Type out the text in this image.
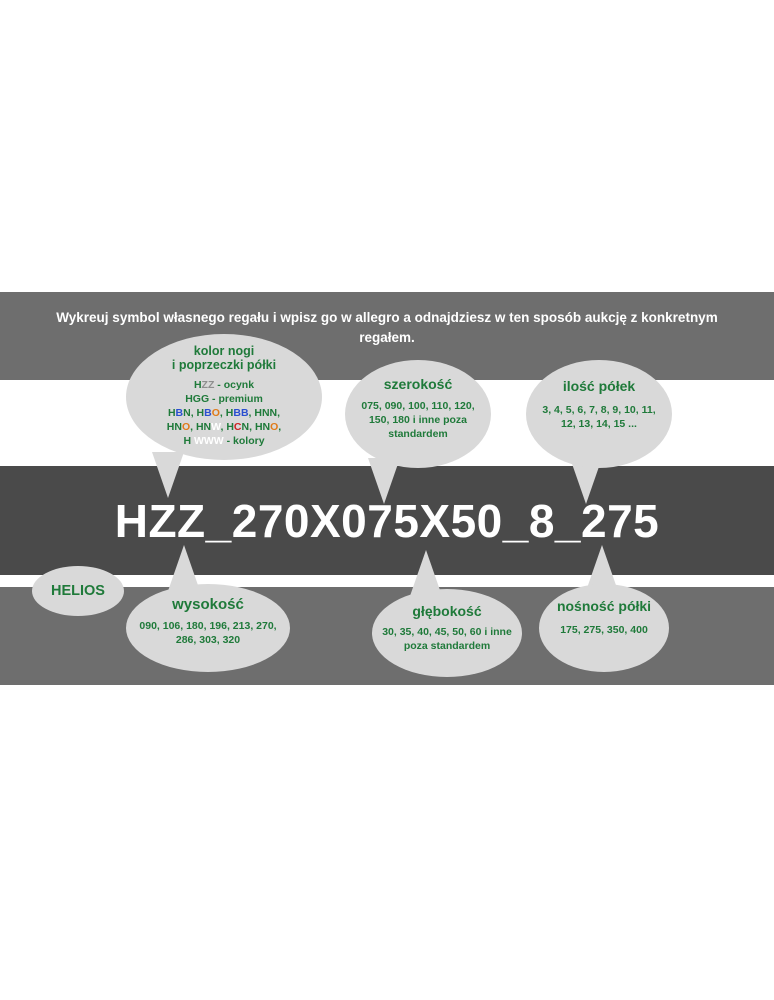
Wykreuj symbol własnego regału i wpisz go w allegro a odnajdziesz w ten sposób aukcję z konkretnym regałem.
kolor nogi
i poprzeczki półki
HZZ - ocynk
HGG - premium
HBN, HBO, HBB, HNN,
HNO, HNW, HCN, HNO,
H WWW - kolory
szerokość
075, 090, 100, 110, 120, 150, 180 i inne poza standardem
ilość półek
3, 4, 5, 6, 7, 8, 9, 10, 11, 12, 13, 14, 15 ...
HZZ_270X075X50_8_275
HELIOS
wysokość
090, 106, 180, 196, 213, 270, 286, 303, 320
głębokość
30, 35, 40, 45, 50, 60 i inne poza standardem
nośność półki
175, 275, 350, 400
